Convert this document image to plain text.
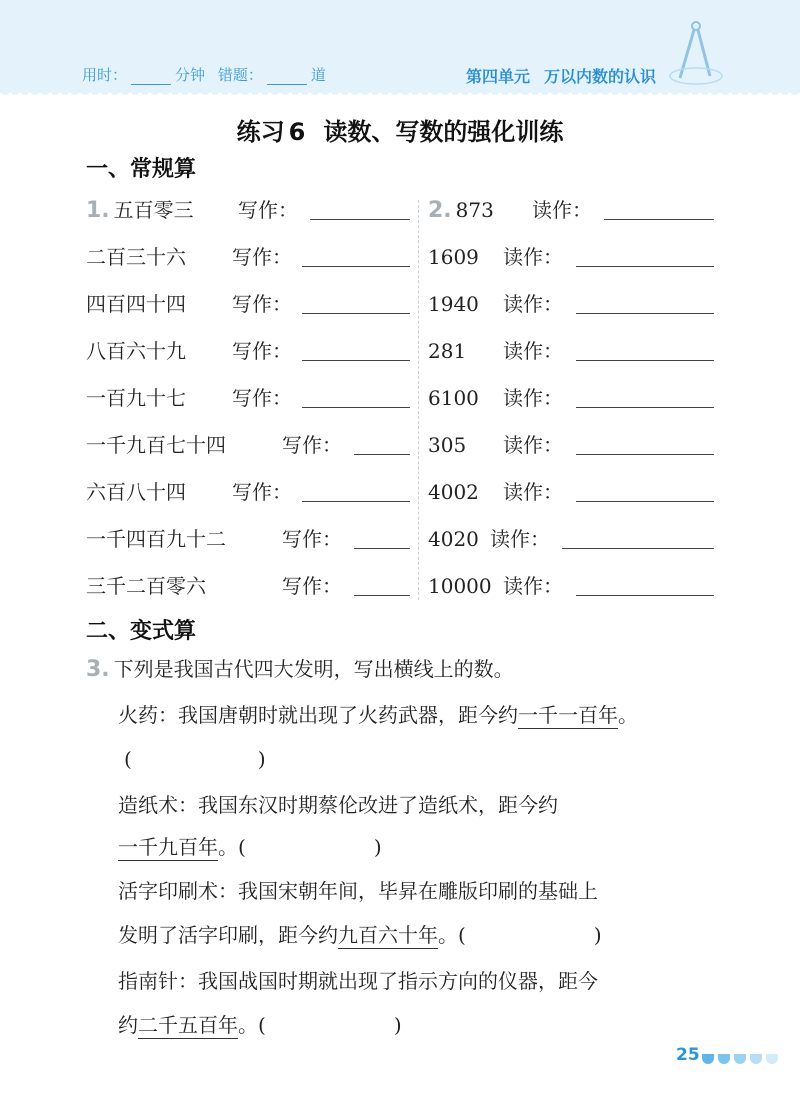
用时：	分钟 错题：	道	第四单元 万以内数的认识
练习 6 读数、写数的强化训练
一、常规算
1. 五百零三 写作：	2. 873 读作：
二百三十六 写作：	1609 读作：
四百四十四 写作：	1940 读作：
八百六十九 写作：	281 读作：
一百九十七 写作：	6100 读作：
一千九百七十四	写作：	305 读作：
六百八十四 写作：	4002 读作：
一千四百九十二	写作：	4020 读作：
三千二百零六	写作：	10000 读作：
二、变式算
3. 下列是我国古代四大发明，写出横线上的数。
火药：我国唐朝时就出现了火药武器，距今约一千一百年。
(	)
造纸术：我国东汉时期蔡伦改进了造纸术，距今约
一千九百年。(	)
活字印刷术：我国宋朝年间，毕昇在雕版印刷的基础上
发明了活字印刷，距今约九百六十年。(	)
指南针：我国战国时期就出现了指示方向的仪器，距今
约二千五百年。(	)
25
